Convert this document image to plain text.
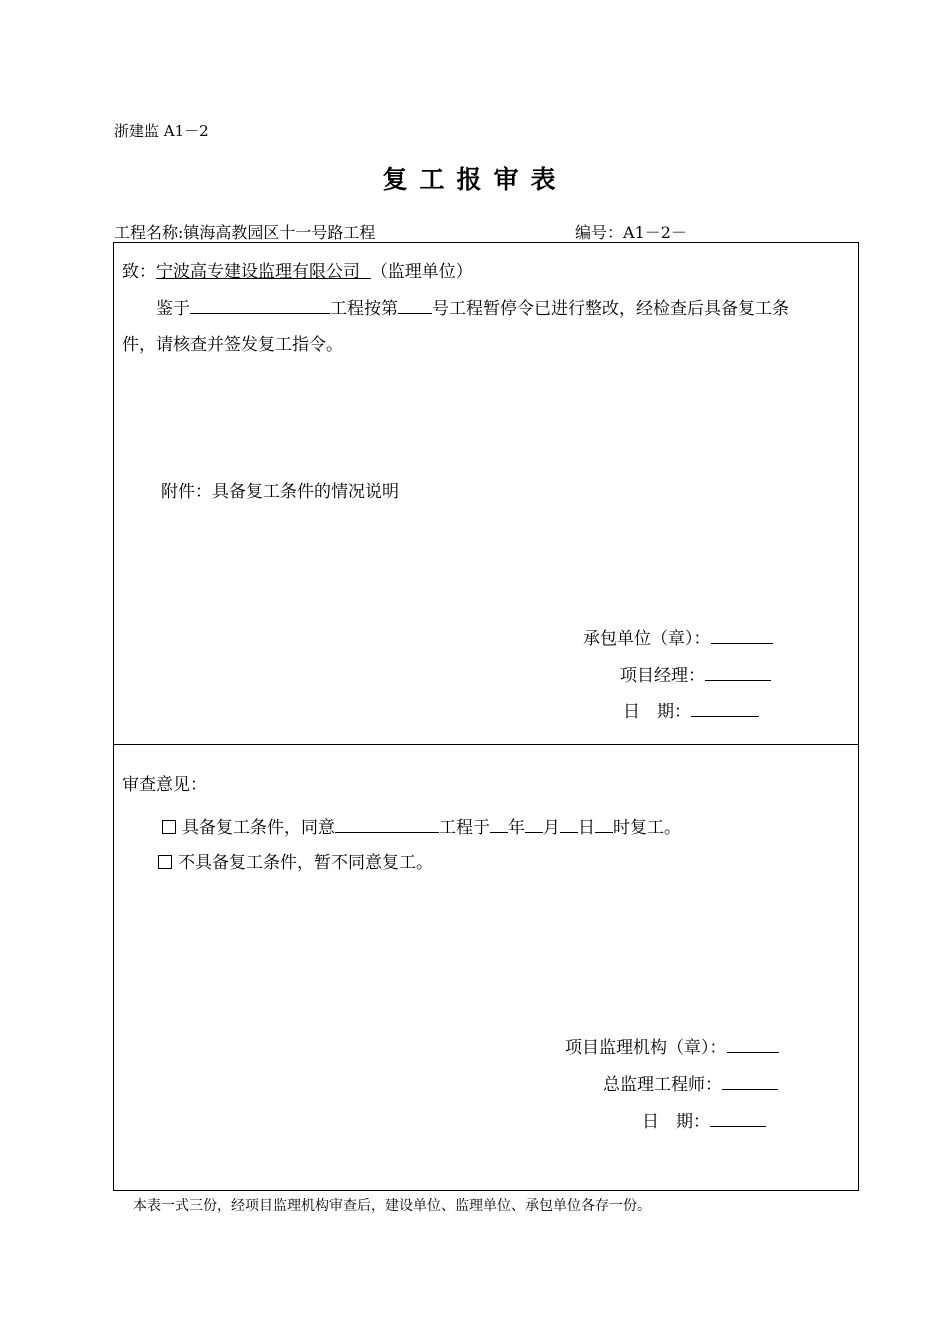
浙建监 A1－2
复工报审表
工程名称:镇海高教园区十一号路工程	编号：A1－2－
致：宁波高专建设监理有限公司 （监理单位）
鉴于	工程按第 号工程暂停令已进行整改，经检查后具备复工条
件，请核查并签发复工指令。
附件：具备复工条件的情况说明
承包单位（章）：
项目经理：
日　期：
审查意见：
具备复工条件，同意	工程于 年 月 日 时复工。
不具备复工条件，暂不同意复工。
项目监理机构（章）：
总监理工程师：
日　期：
本表一式三份，经项目监理机构审查后，建设单位、监理单位、承包单位各存一份。
